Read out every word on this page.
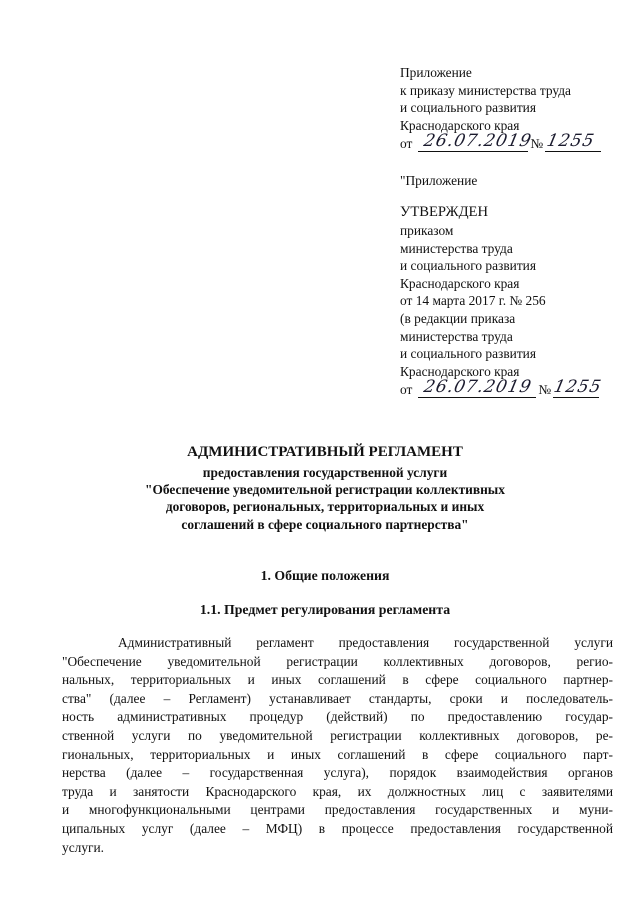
Приложение
к приказу министерства труда
и социального развития
Краснодарского края
от 26.07.2019
№ 1255
"Приложение
УТВЕРЖДЕН
приказом
министерства труда
и социального развития
Краснодарского края
от 14 марта 2017 г. № 256
(в редакции приказа
министерства труда
и социального развития
Краснодарского края
от 26.07.2019 № 1255
АДМИНИСТРАТИВНЫЙ РЕГЛАМЕНТ
предоставления государственной услуги
"Обеспечение уведомительной регистрации коллективных
договоров, региональных, территориальных и иных
соглашений в сфере социального партнерства"
1. Общие положения
1.1. Предмет регулирования регламента
Административный регламент предоставления государственной услуги
"Обеспечение уведомительной регистрации коллективных договоров, регио-
нальных, территориальных и иных соглашений в сфере социального партнер-
ства" (далее – Регламент) устанавливает стандарты, сроки и последователь-
ность административных процедур (действий) по предоставлению государ-
ственной услуги по уведомительной регистрации коллективных договоров, ре-
гиональных, территориальных и иных соглашений в сфере социального парт-
нерства (далее – государственная услуга), порядок взаимодействия органов
труда и занятости Краснодарского края, их должностных лиц с заявителями
и многофункциональными центрами предоставления государственных и муни-
ципальных услуг (далее – МФЦ) в процессе предоставления государственной
услуги.
